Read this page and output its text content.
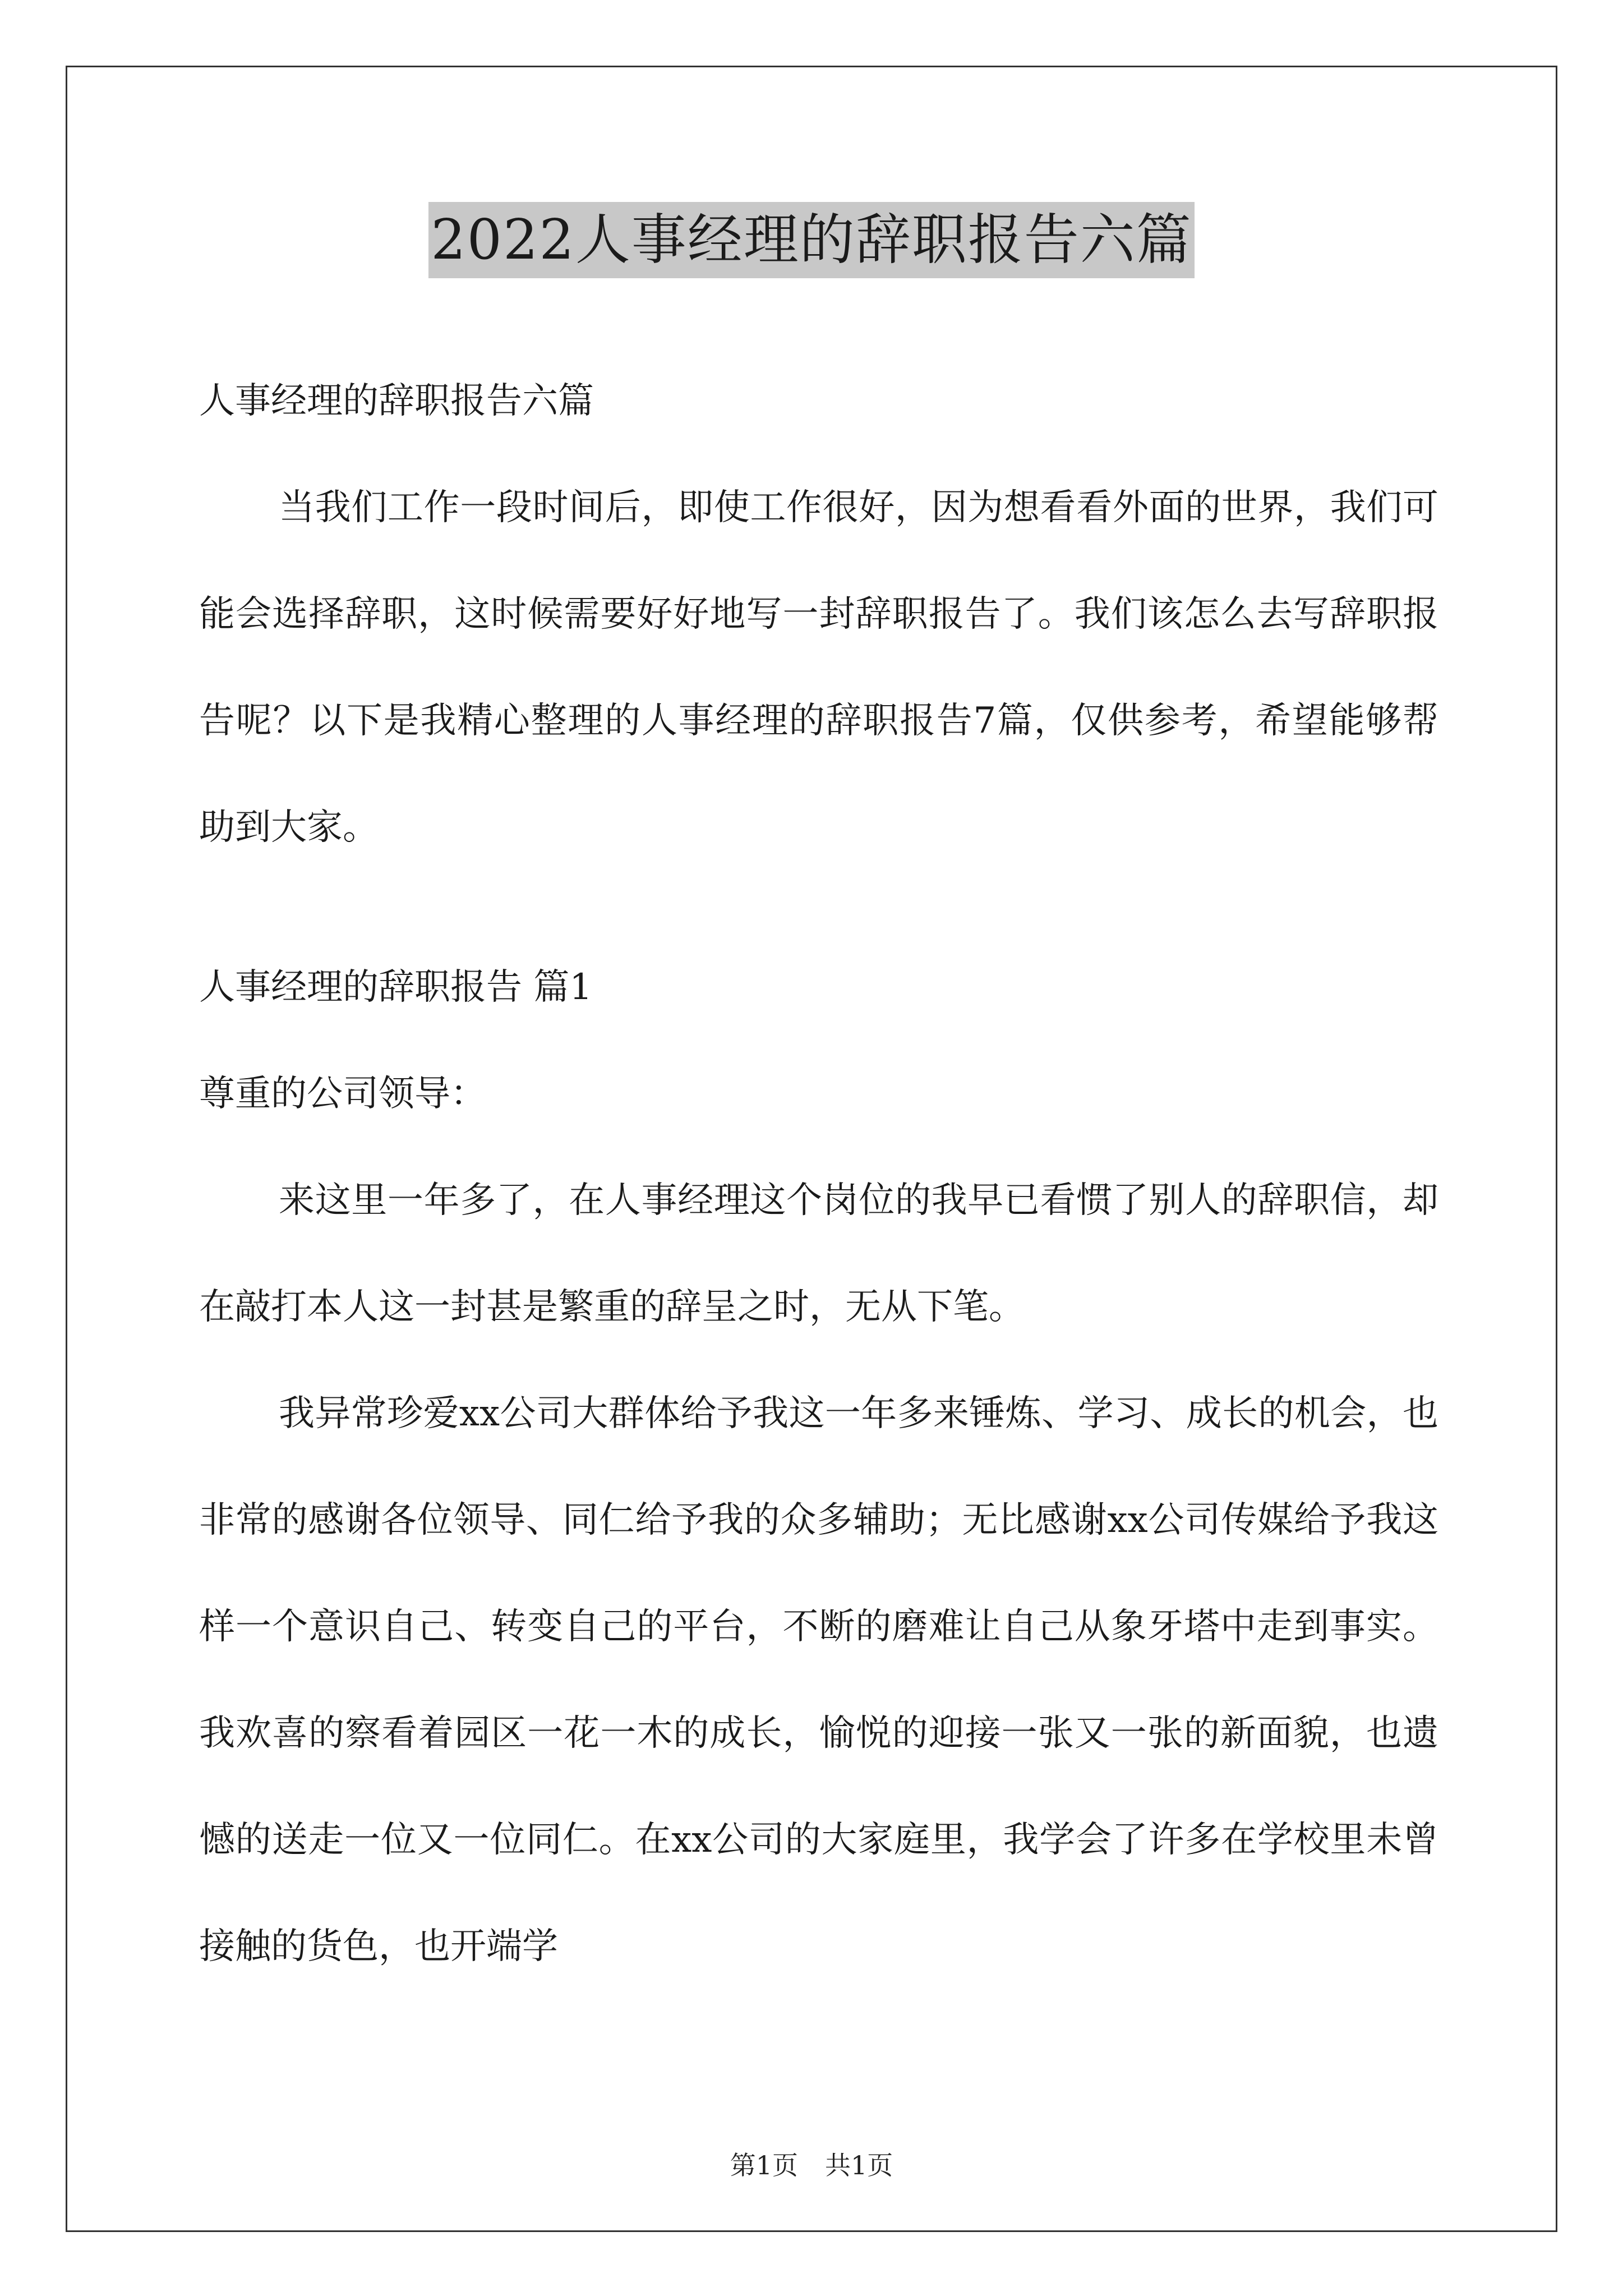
2022人事经理的辞职报告六篇

人事经理的辞职报告六篇

当我们工作一段时间后，即使工作很好，因为想看看外面的世界，我们可能会选择辞职，这时候需要好好地写一封辞职报告了。我们该怎么去写辞职报告呢？以下是我精心整理的人事经理的辞职报告7篇，仅供参考，希望能够帮助到大家。

人事经理的辞职报告 篇1

尊重的公司领导：

来这里一年多了，在人事经理这个岗位的我早已看惯了别人的辞职信，却在敲打本人这一封甚是繁重的辞呈之时，无从下笔。

我异常珍爱xx公司大群体给予我这一年多来锤炼、学习、成长的机会，也非常的感谢各位领导、同仁给予我的众多辅助；无比感谢xx公司传媒给予我这样一个意识自己、转变自己的平台，不断的磨难让自己从象牙塔中走到事实。我欢喜的察看着园区一花一木的成长，愉悦的迎接一张又一张的新面貌，也遗憾的送走一位又一位同仁。在xx公司的大家庭里，我学会了许多在学校里未曾接触的货色，也开端学

第1页 共1页
